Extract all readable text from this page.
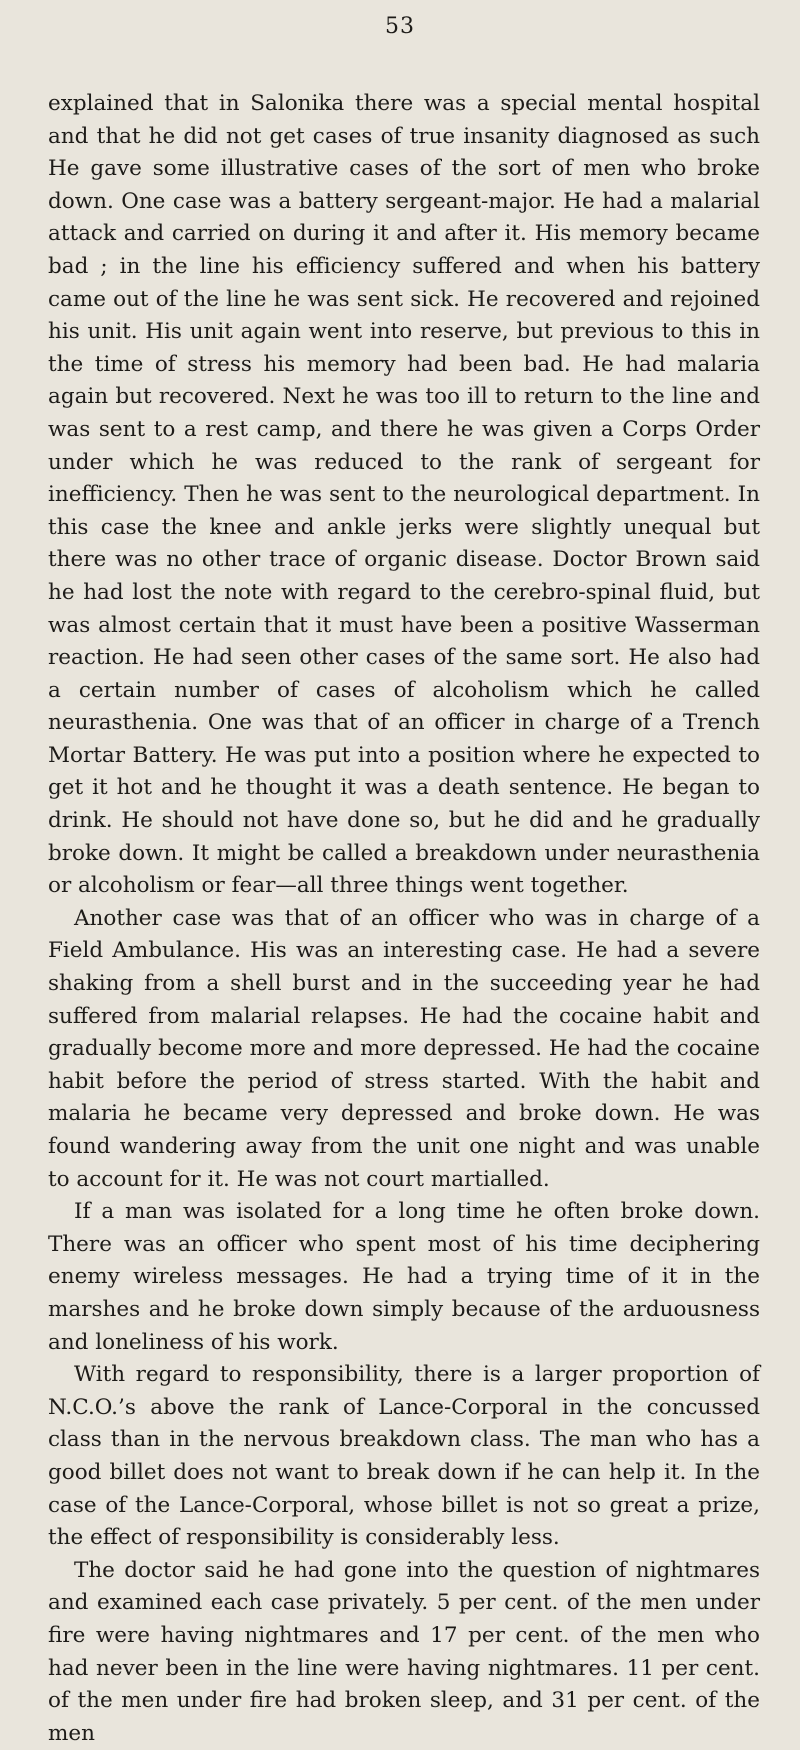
53

explained that in Salonika there was a special mental hospital and that he did not get cases of true insanity diagnosed as such He gave some illustrative cases of the sort of men who broke down. One case was a battery sergeant-major. He had a malarial attack and carried on during it and after it. His memory became bad ; in the line his efficiency suffered and when his battery came out of the line he was sent sick. He recovered and rejoined his unit. His unit again went into reserve, but previous to this in the time of stress his memory had been bad. He had malaria again but recovered. Next he was too ill to return to the line and was sent to a rest camp, and there he was given a Corps Order under which he was reduced to the rank of sergeant for inefficiency. Then he was sent to the neurological department. In this case the knee and ankle jerks were slightly unequal but there was no other trace of organic disease. Doctor Brown said he had lost the note with regard to the cerebro-spinal fluid, but was almost certain that it must have been a positive Wasserman reaction. He had seen other cases of the same sort. He also had a certain number of cases of alcoholism which he called neurasthenia. One was that of an officer in charge of a Trench Mortar Battery. He was put into a position where he expected to get it hot and he thought it was a death sentence. He began to drink. He should not have done so, but he did and he gradually broke down. It might be called a breakdown under neurasthenia or alcoholism or fear—all three things went together.

Another case was that of an officer who was in charge of a Field Ambulance. His was an interesting case. He had a severe shaking from a shell burst and in the succeeding year he had suffered from malarial relapses. He had the cocaine habit and gradually become more and more depressed. He had the cocaine habit before the period of stress started. With the habit and malaria he became very depressed and broke down. He was found wandering away from the unit one night and was unable to account for it. He was not court martialled.

If a man was isolated for a long time he often broke down. There was an officer who spent most of his time deciphering enemy wireless messages. He had a trying time of it in the marshes and he broke down simply because of the arduousness and loneliness of his work.

With regard to responsibility, there is a larger proportion of N.C.O.’s above the rank of Lance-Corporal in the concussed class than in the nervous breakdown class. The man who has a good billet does not want to break down if he can help it. In the case of the Lance-Corporal, whose billet is not so great a prize, the effect of responsibility is considerably less.

The doctor said he had gone into the question of nightmares and examined each case privately. 5 per cent. of the men under fire were having nightmares and 17 per cent. of the men who had never been in the line were having nightmares. 11 per cent. of the men under fire had broken sleep, and 31 per cent. of the men
